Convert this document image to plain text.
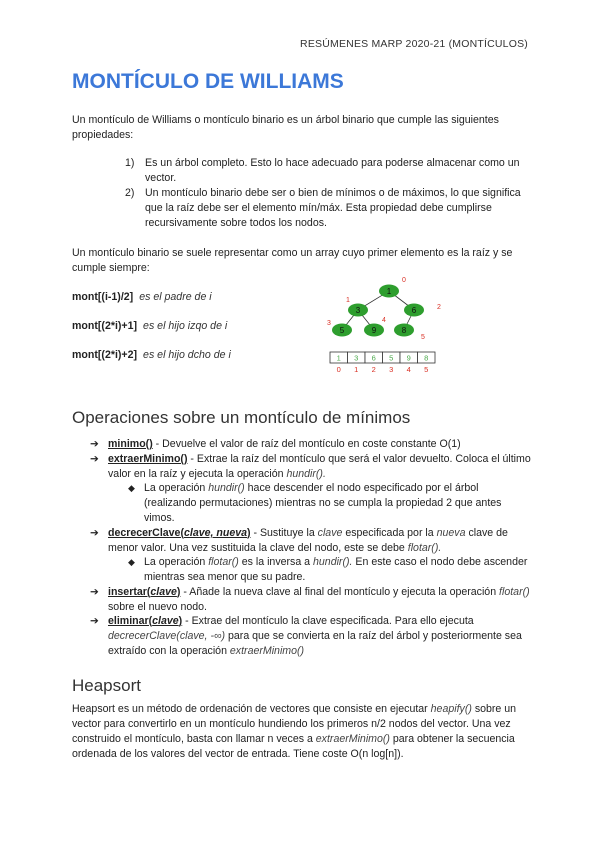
RESÚMENES MARP 2020-21 (MONTÍCULOS)
MONTÍCULO DE WILLIAMS

Un montículo de Williams o montículo binario es un árbol binario que cumple las siguientes propiedades:

1) Es un árbol completo. Esto lo hace adecuado para poderse almacenar como un vector.
2) Un montículo binario debe ser o bien de mínimos o de máximos, lo que significa que la raíz debe ser el elemento mín/máx. Esta propiedad debe cumplirse recursivamente sobre todos los nodos.

Un montículo binario se suele representar como un array cuyo primer elemento es la raíz y se cumple siempre:

mont[(i-1)/2] es el padre de i
mont[(2*i)+1] es el hijo izqo de i
mont[(2*i)+2] es el hijo dcho de i
1
0
3
1
6	2
5
3
9
4
8
5
1
0
3
1
6
2
5
3
9
4
8
5
Operaciones sobre un montículo de mínimos
➔ minimo() - Devuelve el valor de raíz del montículo en coste constante O(1)
➔ extraerMinimo() - Extrae la raíz del montículo que será el valor devuelto. Coloca el último valor en la raíz y ejecuta la operación hundir().
◆ La operación hundir() hace descender el nodo especificado por el árbol (realizando permutaciones) mientras no se cumpla la propiedad 2 que antes vimos.
➔ decrecerClave(clave, nueva) - Sustituye la clave especificada por la nueva clave de menor valor. Una vez sustituida la clave del nodo, este se debe flotar().
◆ La operación flotar() es la inversa a hundir(). En este caso el nodo debe ascender mientras sea menor que su padre.
➔ insertar(clave) - Añade la nueva clave al final del montículo y ejecuta la operación flotar() sobre el nuevo nodo.
➔ eliminar(clave) - Extrae del montículo la clave especificada. Para ello ejecuta decrecerClave(clave, -∞) para que se convierta en la raíz del árbol y posteriormente sea extraído con la operación extraerMinimo()
Heapsort

Heapsort es un método de ordenación de vectores que consiste en ejecutar heapify() sobre un vector para convertirlo en un montículo hundiendo los primeros n/2 nodos del vector. Una vez construido el montículo, basta con llamar n veces a extraerMinimo() para obtener la secuencia ordenada de los valores del vector de entrada. Tiene coste O(n log[n]).
